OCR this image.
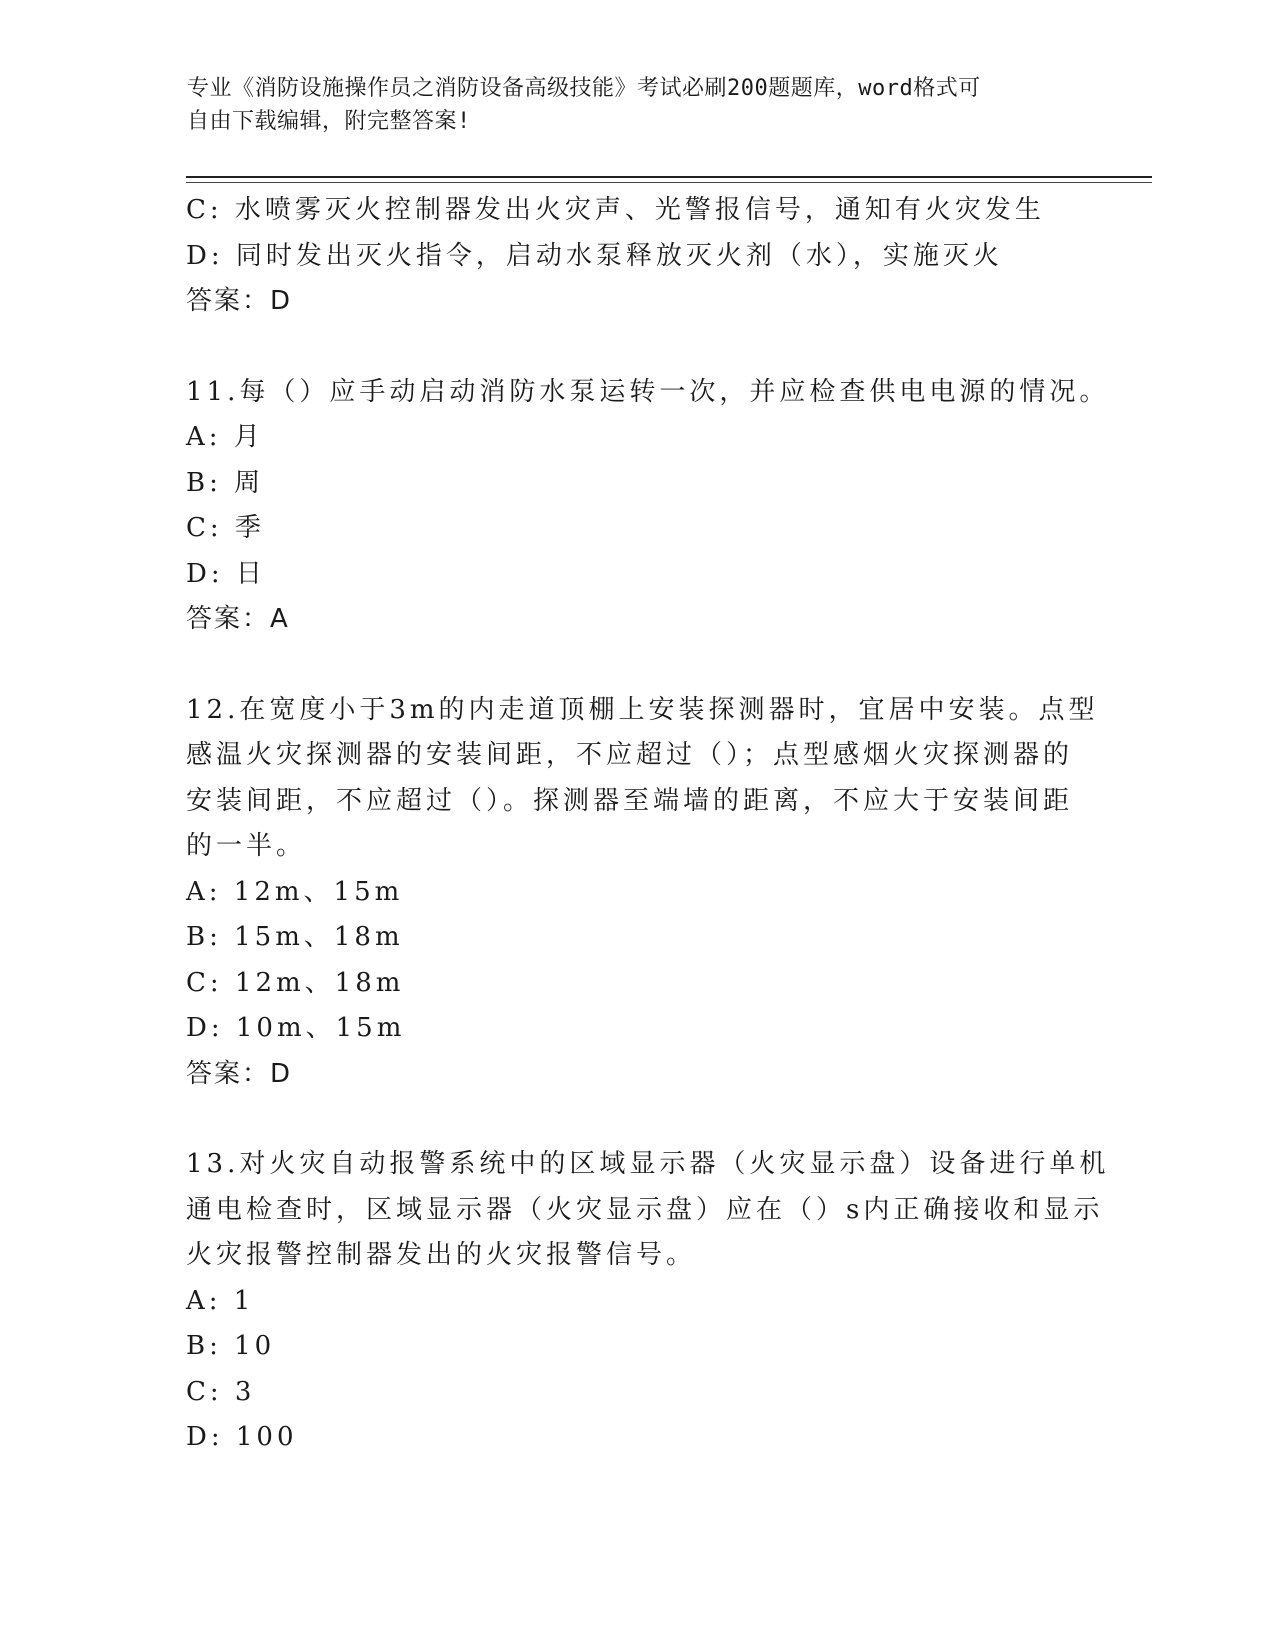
专业《消防设施操作员之消防设备高级技能》考试必刷200题题库，word格式可
自由下载编辑，附完整答案!
C: 水喷雾灭火控制器发出火灾声、光警报信号，通知有火灾发生
D: 同时发出灭火指令，启动水泵释放灭火剂（水），实施灭火
答案：D
11.每（）应手动启动消防水泵运转一次，并应检查供电电源的情况。
A: 月
B: 周
C: 季
D: 日
答案：A
12.在宽度小于3m的内走道顶棚上安装探测器时，宜居中安装。点型
感温火灾探测器的安装间距，不应超过（）；点型感烟火灾探测器的
安装间距，不应超过（）。探测器至端墙的距离，不应大于安装间距
的一半。
A: 12m、15m
B: 15m、18m
C: 12m、18m
D: 10m、15m
答案：D
13.对火灾自动报警系统中的区域显示器（火灾显示盘）设备进行单机
通电检查时，区域显示器（火灾显示盘）应在（）s内正确接收和显示
火灾报警控制器发出的火灾报警信号。
A: 1
B: 10
C: 3
D: 100
